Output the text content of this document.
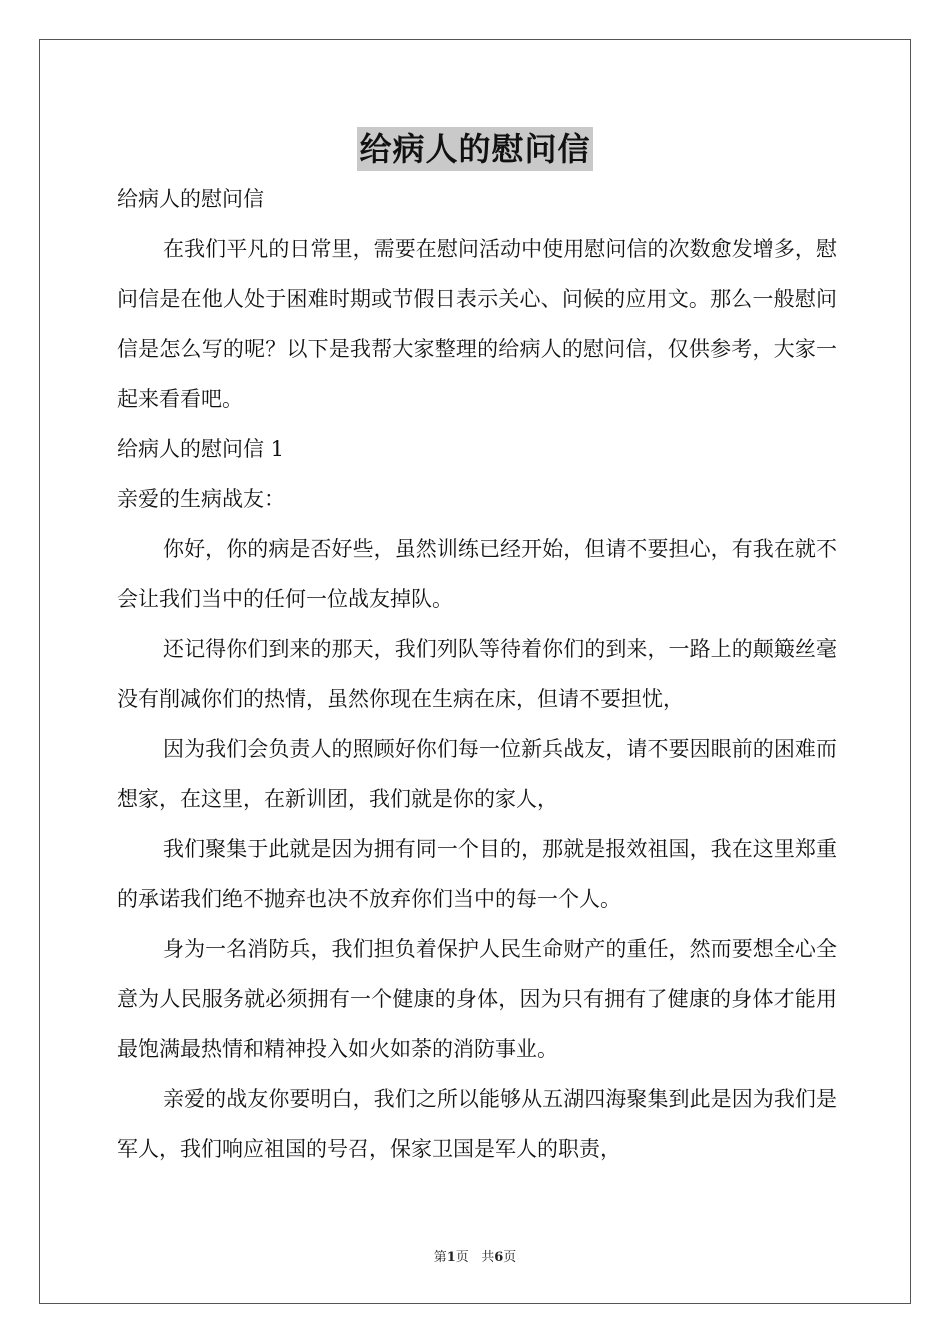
给病人的慰问信

给病人的慰问信

在我们平凡的日常里，需要在慰问活动中使用慰问信的次数愈发增多，慰问信是在他人处于困难时期或节假日表示关心、问候的应用文。那么一般慰问信是怎么写的呢？以下是我帮大家整理的给病人的慰问信，仅供参考，大家一起来看看吧。

给病人的慰问信 1

亲爱的生病战友：

你好，你的病是否好些，虽然训练已经开始，但请不要担心，有我在就不会让我们当中的任何一位战友掉队。

还记得你们到来的那天，我们列队等待着你们的到来，一路上的颠簸丝毫没有削减你们的热情，虽然你现在生病在床，但请不要担忧，

因为我们会负责人的照顾好你们每一位新兵战友，请不要因眼前的困难而想家，在这里，在新训团，我们就是你的家人，

我们聚集于此就是因为拥有同一个目的，那就是报效祖国，我在这里郑重的承诺我们绝不抛弃也决不放弃你们当中的每一个人。

身为一名消防兵，我们担负着保护人民生命财产的重任，然而要想全心全意为人民服务就必须拥有一个健康的身体，因为只有拥有了健康的身体才能用最饱满最热情和精神投入如火如荼的消防事业。

亲爱的战友你要明白，我们之所以能够从五湖四海聚集到此是因为我们是军人，我们响应祖国的号召，保家卫国是军人的职责，

第1页 共6页
